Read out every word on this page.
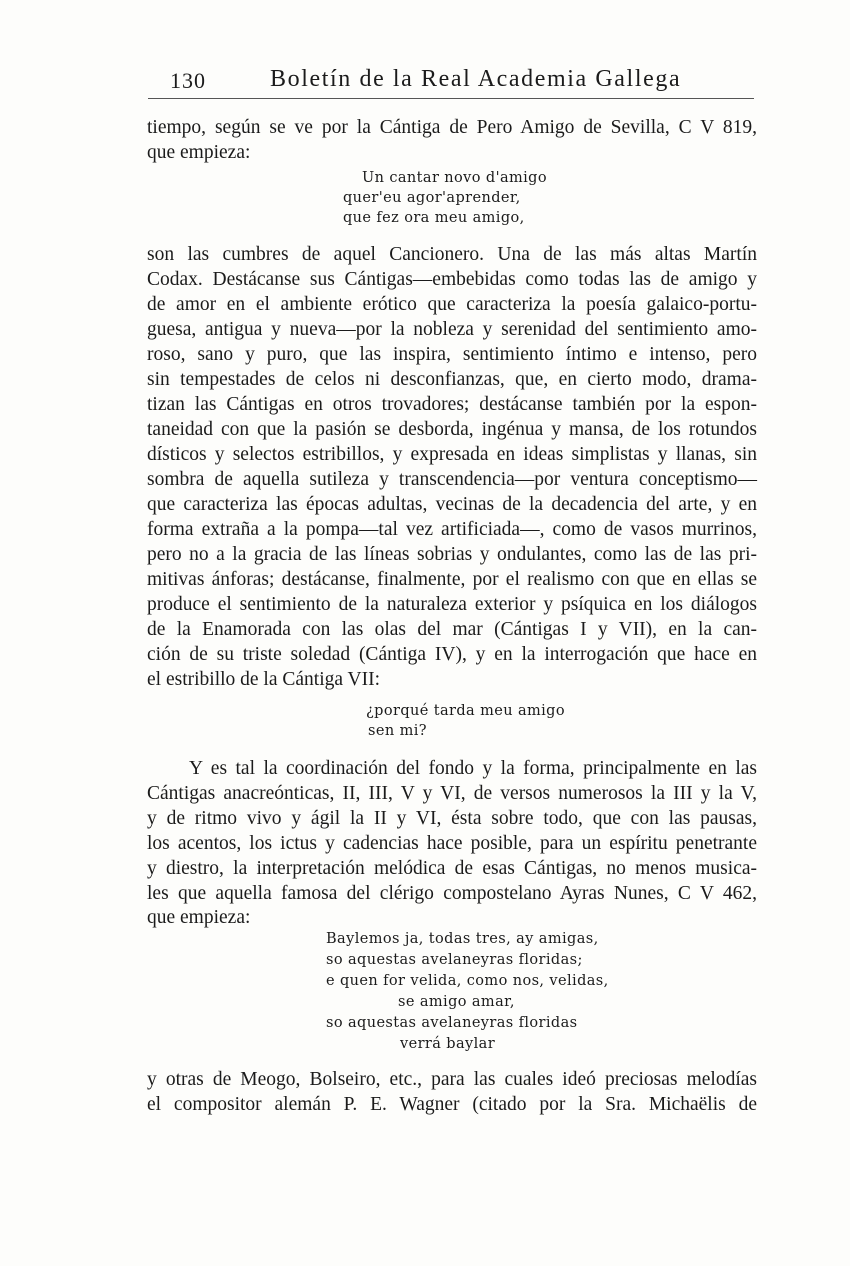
130	Boletín de la Real Academia Gallega
tiempo, según se ve por la Cántiga de Pero Amigo de Sevilla, C V 819,
que empieza:
Un cantar novo d'amigo
quer'eu agor'aprender,
que fez ora meu amigo,
son las cumbres de aquel Cancionero. Una de las más altas Martín
Codax. Destácanse sus Cántigas—embebidas como todas las de amigo y
de amor en el ambiente erótico que caracteriza la poesía galaico-portu-
guesa, antigua y nueva—por la nobleza y serenidad del sentimiento amo-
roso, sano y puro, que las inspira, sentimiento íntimo e intenso, pero
sin tempestades de celos ni desconfianzas, que, en cierto modo, drama-
tizan las Cántigas en otros trovadores; destácanse también por la espon-
taneidad con que la pasión se desborda, ingénua y mansa, de los rotundos
dísticos y selectos estribillos, y expresada en ideas simplistas y llanas, sin
sombra de aquella sutileza y transcendencia—por ventura conceptismo—
que caracteriza las épocas adultas, vecinas de la decadencia del arte, y en
forma extraña a la pompa—tal vez artificiada—, como de vasos murrinos,
pero no a la gracia de las líneas sobrias y ondulantes, como las de las pri-
mitivas ánforas; destácanse, finalmente, por el realismo con que en ellas se
produce el sentimiento de la naturaleza exterior y psíquica en los diálogos
de la Enamorada con las olas del mar (Cántigas I y VII), en la can-
ción de su triste soledad (Cántiga IV), y en la interrogación que hace en
el estribillo de la Cántiga VII:
¿porqué tarda meu amigo
sen mi?
Y es tal la coordinación del fondo y la forma, principalmente en las
Cántigas anacreónticas, II, III, V y VI, de versos numerosos la III y la V,
y de ritmo vivo y ágil la II y VI, ésta sobre todo, que con las pausas,
los acentos, los ictus y cadencias hace posible, para un espíritu penetrante
y diestro, la interpretación melódica de esas Cántigas, no menos musica-
les que aquella famosa del clérigo compostelano Ayras Nunes, C V 462,
que empieza:
Baylemos ja, todas tres, ay amigas,
so aquestas avelaneyras floridas;
e quen for velida, como nos, velidas,
se amigo amar,
so aquestas avelaneyras floridas
verrá baylar
y otras de Meogo, Bolseiro, etc., para las cuales ideó preciosas melodías
el compositor alemán P. E. Wagner (citado por la Sra. Michaëlis de
